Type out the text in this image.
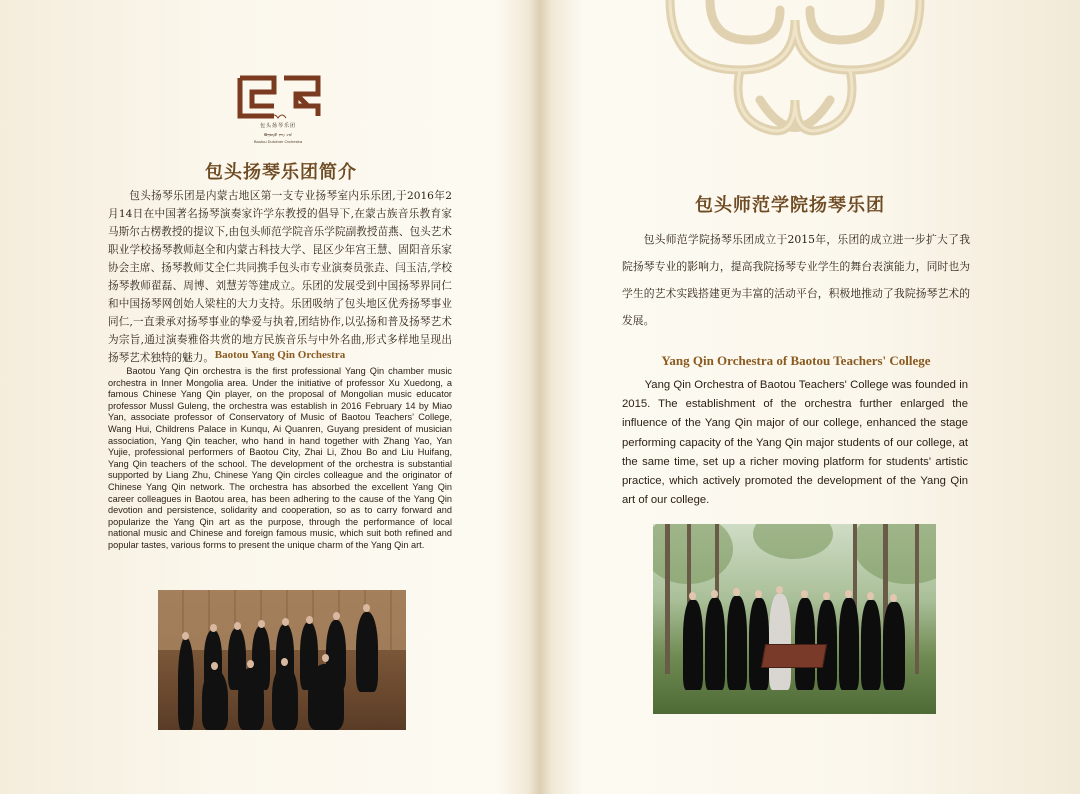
包头扬琴乐团
ᠪᠣᠭᠣᠲᠣ ᠶᠠᠩ ᠴᠢᠨ
Baotou Dulcimer Orchestra
包头扬琴乐团简介
包头扬琴乐团是内蒙古地区第一支专业扬琴室内乐乐团,于2016年2月14日在中国著名扬琴演奏家许学东教授的倡导下,在蒙古族音乐教育家马斯尔古楞教授的提议下,由包头师范学院音乐学院副教授苗燕、包头艺术职业学校扬琴教师赵全和内蒙古科技大学、昆区少年宫王慧、固阳音乐家协会主席、扬琴教师艾全仁共同携手包头市专业演奏员张垚、闫玉洁,学校扬琴教师翟磊、周博、刘慧芳等建成立。乐团的发展受到中国扬琴界同仁和中国扬琴网创始人梁柱的大力支持。乐团吸纳了包头地区优秀扬琴事业同仁,一直秉承对扬琴事业的挚爱与执着,团结协作,以弘扬和普及扬琴艺术为宗旨,通过演奏雅俗共赏的地方民族音乐与中外名曲,形式多样地呈现出扬琴艺术独特的魅力。 Baotou Yang Qin Orchestra
Baotou Yang Qin orchestra is the first professional Yang Qin chamber music orchestra in Inner Mongolia area. Under the initiative of professor Xu Xuedong, a famous Chinese Yang Qin player, on the proposal of Mongolian music educator professor Mussl Guleng, the orchestra was establish in 2016 February 14 by Miao Yan, associate professor of Conservatory of Music of Baotou Teachers’ College, Wang Hui, Childrens Palace in Kunqu, Ai Quanren, Guyang president of musician association, Yang Qin teacher, who hand in hand together with Zhang Yao, Yan Yujie, professional performers of Baotou City, Zhai Li, Zhou Bo and Liu Huifang, Yang Qin teachers of the school. The development of the orchestra is substantial supported by Liang Zhu, Chinese Yang Qin circles colleague and the originator of Chinese Yang Qin network. The orchestra has absorbed the excellent Yang Qin career colleagues in Baotou area, has been adhering to the cause of the Yang Qin devotion and persistence, solidarity and cooperation, so as to carry forward and popularize the Yang Qin art as the purpose, through the performance of local national music and Chinese and foreign famous music, which suit both refined and popular tastes, various forms to present the unique charm of the Yang Qin art.
包头师范学院扬琴乐团
包头师范学院扬琴乐团成立于2015年，乐团的成立进一步扩大了我院扬琴专业的影响力，提高我院扬琴专业学生的舞台表演能力，同时也为学生的艺术实践搭建更为丰富的活动平台，积极地推动了我院扬琴艺术的发展。
Yang Qin Orchestra of Baotou Teachers' College
Yang Qin Orchestra of Baotou Teachers' College was founded in 2015. The establishment of the orchestra further enlarged the influence of the Yang Qin major of our college, enhanced the stage performing capacity of the Yang Qin major students of our college, at the same time, set up a richer moving platform for students' artistic practice, which actively promoted the development of the Yang Qin art of our college.
